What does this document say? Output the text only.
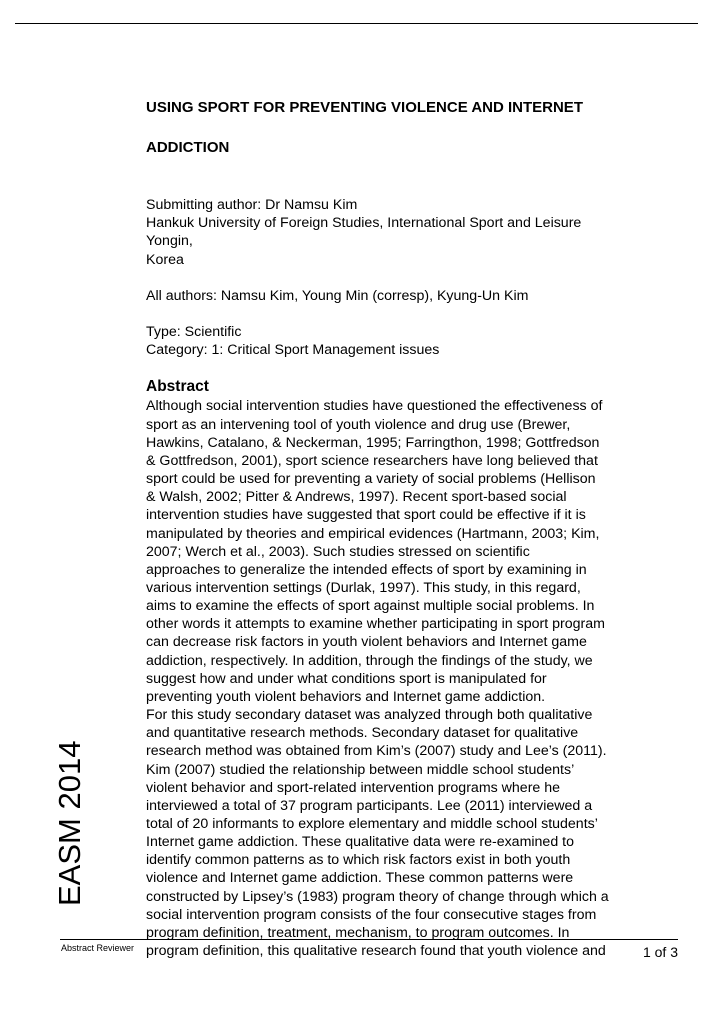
USING SPORT FOR PREVENTING VIOLENCE AND INTERNET

ADDICTION

Submitting author: Dr Namsu Kim

Hankuk University of Foreign Studies, International Sport and Leisure

Yongin,

Korea

All authors: Namsu Kim, Young Min (corresp), Kyung-Un Kim

Type: Scientific

Category: 1: Critical Sport Management issues

Abstract

Although social intervention studies have questioned the effectiveness of

sport as an intervening tool of youth violence and drug use (Brewer,

Hawkins, Catalano, & Neckerman, 1995; Farringthon, 1998; Gottfredson

& Gottfredson, 2001), sport science researchers have long believed that

sport could be used for preventing a variety of social problems (Hellison

& Walsh, 2002; Pitter & Andrews, 1997). Recent sport-based social

intervention studies have suggested that sport could be effective if it is

manipulated by theories and empirical evidences (Hartmann, 2003; Kim,

2007; Werch et al., 2003). Such studies stressed on scientific

approaches to generalize the intended effects of sport by examining in

various intervention settings (Durlak, 1997). This study, in this regard,

aims to examine the effects of sport against multiple social problems. In

other words it attempts to examine whether participating in sport program

can decrease risk factors in youth violent behaviors and Internet game

addiction, respectively. In addition, through the findings of the study, we

suggest how and under what conditions sport is manipulated for

preventing youth violent behaviors and Internet game addiction.

For this study secondary dataset was analyzed through both qualitative

and quantitative research methods. Secondary dataset for qualitative

research method was obtained from Kim’s (2007) study and Lee’s (2011).

Kim (2007) studied the relationship between middle school students’

violent behavior and sport-related intervention programs where he

interviewed a total of 37 program participants. Lee (2011) interviewed a

total of 20 informants to explore elementary and middle school students’

Internet game addiction. These qualitative data were re-examined to

identify common patterns as to which risk factors exist in both youth

violence and Internet game addiction. These common patterns were

constructed by Lipsey’s (1983) program theory of change through which a

social intervention program consists of the four consecutive stages from

program definition, treatment, mechanism, to program outcomes. In

program definition, this qualitative research found that youth violence and

EASM 2014
Abstract Reviewer	1 of 3
